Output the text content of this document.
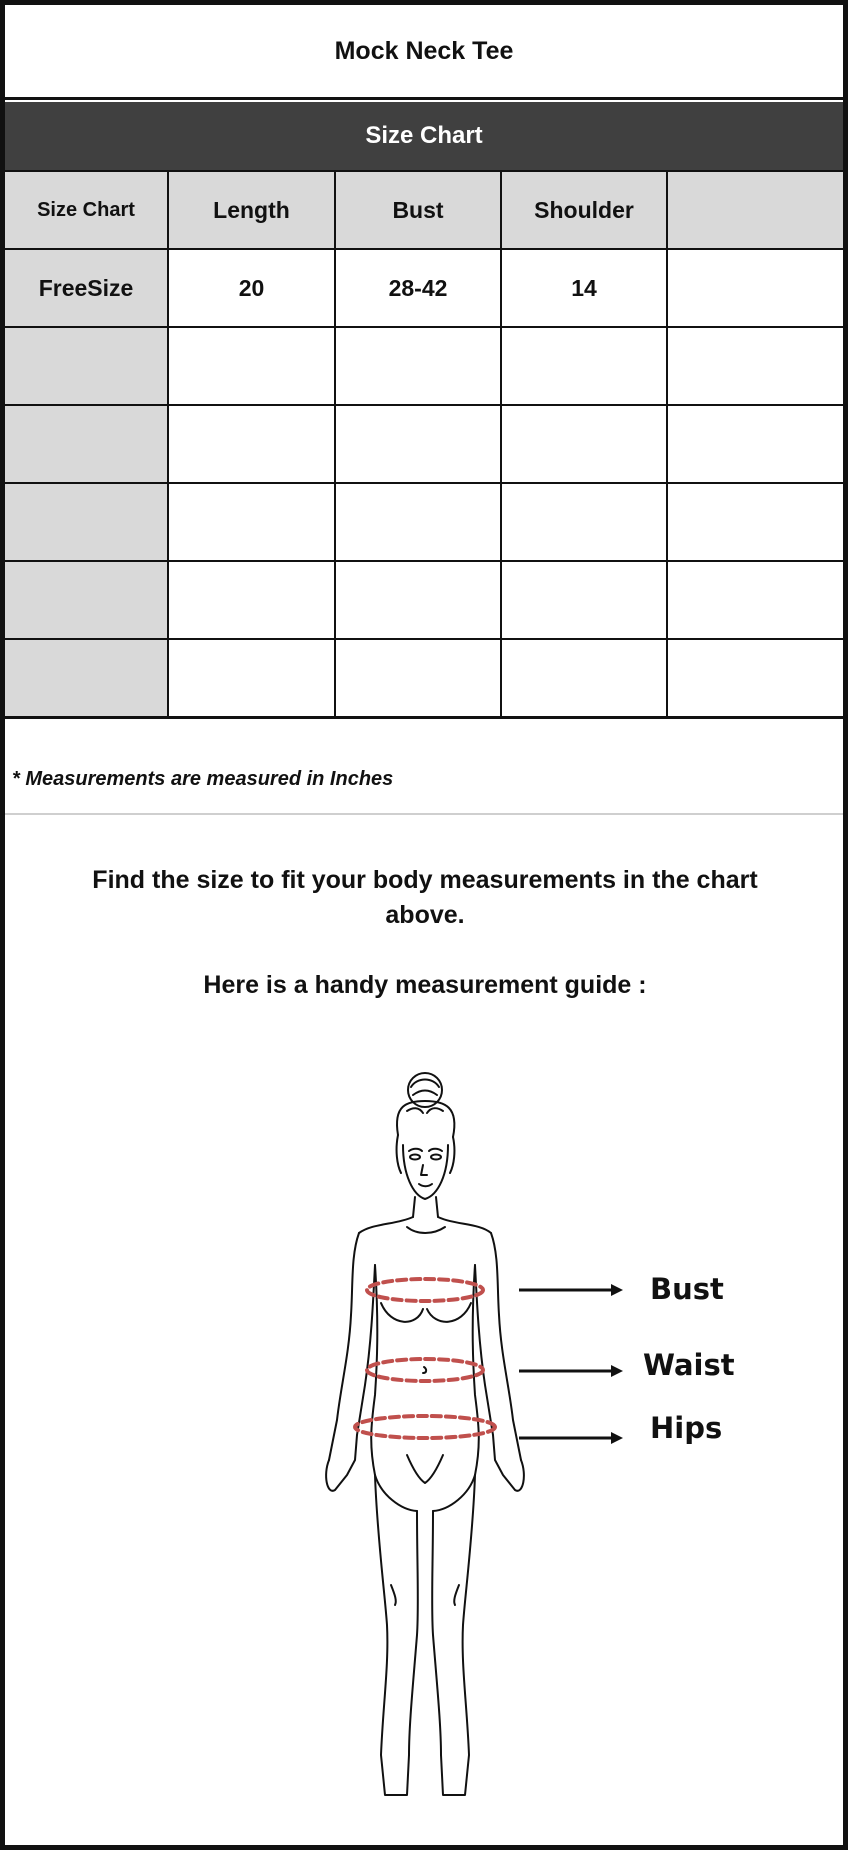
Mock Neck Tee
Size Chart
Size Chart	Length	Bust	Shoulder	
FreeSize	20	28-42	14	

* Measurements are measured in Inches
Find the size to fit your body measurements in the chart above.
Here is a handy measurement guide :
Bust
Waist
Hips
